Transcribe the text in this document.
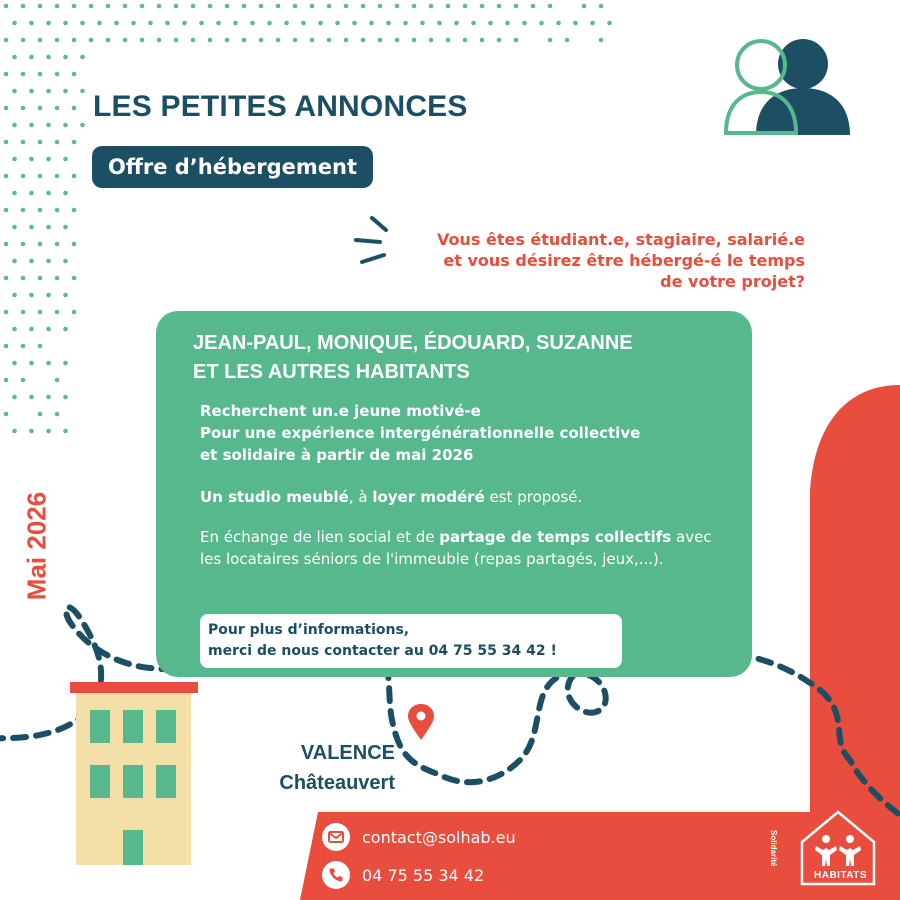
LES PETITES ANNONCES
Offre d’hébergement
Vous êtes étudiant.e, stagiaire, salarié.e
et vous désirez être hébergé-é le temps
de votre projet?
JEAN-PAUL, MONIQUE, ÉDOUARD, SUZANNE
ET LES AUTRES HABITANTS
Recherchent un.e jeune motivé-e
Pour une expérience intergénérationnelle collective
et solidaire à partir de mai 2026
Un studio meublé, à loyer modéré est proposé.
En échange de lien social et de partage de temps collectifs avec les locataires séniors de l'immeuble (repas partagés, jeux,...).
Pour plus d’informations,
merci de nous contacter au 04 75 55 34 42 !
Mai 2026
VALENCE
Châteauvert
contact@solhab.eu
04 75 55 34 42	HABITATS
Solidarité
